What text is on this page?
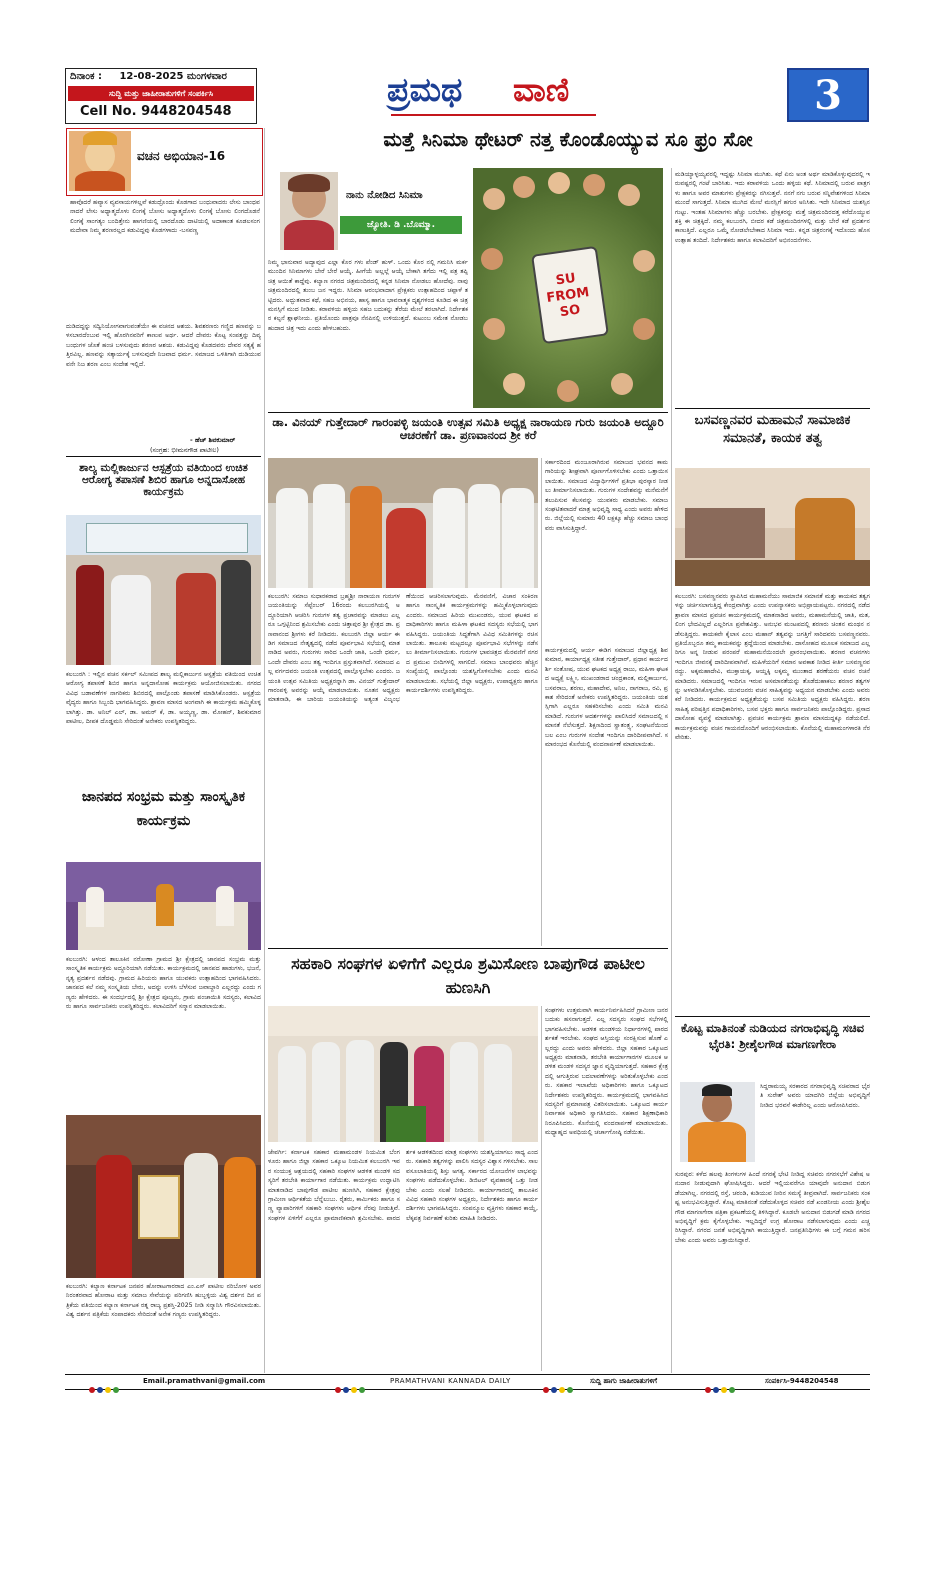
ದಿನಾಂಕ : 12-08-2025 ಮಂಗಳವಾರ
ಸುದ್ದಿ ಮತ್ತು ಜಾಹೀರಾತುಗಳಿಗೆ ಸಂಪರ್ಕಿಸಿ
Cell No. 9448204548
ಪ್ರಮಥ ವಾಣಿ	3
ಮತ್ತೆ ಸಿನಿಮಾ ಥೇಟರ್ ನತ್ತ ಕೊಂಡೊಯ್ಯುವ ಸೂ ಫ್ರಂ ಸೋ
ವಚನ ಅಭಿಯಾನ-16
ಹಾವೊದರೆ ಹವ್ಯಾಸ ವ್ಯವಸಾಯಗಳಿಲ್ಲವೆ ಕಡುದ್ರೊಂದು ಕೊಡಗಾದ ಬಂಧುವಾದರು ಲೇಸು ಬಾಂಧವನಾದರೆ ಲೇಸು ಅಧ್ಯಾತ್ಮದೊಳು ಲಿಂಗಕ್ಕೆ ಬೋಸು ಅಧ್ಯಾತ್ಮದೊಳು ಲಿಂಗಕ್ಕೆ ಬೋಸು ಲಿಂಗದೊಡನೆ ಲಿಂಗಕ್ಕೆ ಸಾಂಗತ್ಯಂ ಬಂದಿತ್ತೇನು ಹಾಗಣಿಯಲ್ಲಿ ಬಾರದೊಡು ದಾಟಿಯಲ್ಲಿ ಅದಾಕಾಂತ ಕೂಡಲಸಂಗಮದೇವಾ ನಿಮ್ಮ ಶರಣರಲ್ಲದ ಕಡುವಿದ್ದವು ಕೊಡಗಳಾದು -ಬಸವಣ್ಣ
ದುಡಿದದ್ದನ್ನು ಸದ್ವಿನಿಯೋಗವಾಗುವಂತೆಯೇ ಈ ವಚನದ ಆಶಯ. ಶಿವಶರಣರು ಗಣ್ಣಿದ ಹಣವನ್ನು ಬಳಸಬಾರದೆಂಬುವ ಇಲ್ಲಿ ಹೊರಗಿನವರಿಗೆ ಕಾಣುವ ಅರ್ಥ. ಆದರೆ ದೇವರು ಕೊಟ್ಟ ಸಂಪತ್ತನ್ನು ದಿವ್ಯಬಂಧುಗಳ ಜೊತೆ ಹಂಚಿ ಬಳಸುವುದು ಶರಣರ ಆಶಯ. ಕಡುವಿದ್ದವು ಕೊಡದವರು ದೇವರ ಸತ್ಯಕ್ಕೆ ಹತ್ತಿರವಿಲ್ಲ. ಹಣವನ್ನು ಸತ್ಕಾರ್ಯಕ್ಕೆ ಬಳಸುವುದೇ ನಿಜವಾದ ಧರ್ಮ. ಸಮಾಜದ ಒಳಿತಿಗಾಗಿ ದುಡಿಯುವವನೇ ನಿಜ ಶರಣ ಎಂಬ ಸಂದೇಶ ಇಲ್ಲಿದೆ.
- ಹೆಚ್ ಶಿವಕುಮಾರ್
(ಸಂಗ್ರಹ: ಭೀಮನಗೌಡ ಪಾಟೀಲ)
ಶಾಲ್ಯ ಮಲ್ಲಿಕಾರ್ಜುನ ಆಸ್ಪತ್ರೆಯ ವತಿಯಿಂದ ಉಚಿತ ಆರೋಗ್ಯ ತಪಾಸಣೆ ಶಿಬಿರ ಹಾಗೂ ಅನ್ನದಾಸೋಹ ಕಾರ್ಯಕ್ರಮ
ಕಲಬುರಗಿ : ಇಲ್ಲಿನ ವಚನ ಸರ್ಕಲ್ ಸಮೀಪದ ಶಾಲ್ಯ ಮಲ್ಲಿಕಾರ್ಜುನ ಆಸ್ಪತ್ರೆಯ ವತಿಯಿಂದ ಉಚಿತ ಆರೋಗ್ಯ ತಪಾಸಣೆ ಶಿಬಿರ ಹಾಗೂ ಅನ್ನದಾಸೋಹ ಕಾರ್ಯಕ್ರಮ ಆಯೋಜಿಸಲಾಯಿತು. ನಗರದ ವಿವಿಧ ಬಡಾವಣೆಗಳ ನಾಗರಿಕರು ಶಿಬಿರದಲ್ಲಿ ಪಾಲ್ಗೊಂಡು ತಪಾಸಣೆ ಮಾಡಿಸಿಕೊಂಡರು. ಆಸ್ಪತ್ರೆಯ ವೈದ್ಯರು ಹಾಗೂ ಸಿಬ್ಬಂದಿ ಭಾಗವಹಿಸಿದ್ದರು. ಶ್ರಾವಣ ಮಾಸದ ಅಂಗವಾಗಿ ಈ ಕಾರ್ಯಕ್ರಮ ಹಮ್ಮಿಕೊಳ್ಳಲಾಗಿತ್ತು. ಡಾ. ಅನಿಲ್ ಎಲ್, ಡಾ. ಅಮರ್ ಕೆ, ಡಾ. ಅಯ್ಯಣ್ಣ, ಡಾ. ಮೋಹನ್, ಶಿವಕುಮಾರ ಪಾಟೀಲ, ದೀಪಕ ದೊಡ್ಡಮನಿ ಸೇರಿದಂತೆ ಅನೇಕರು ಉಪಸ್ಥಿತರಿದ್ದರು.
ಜಾನಪದ ಸಂಭ್ರಮ ಮತ್ತು ಸಾಂಸ್ಕೃತಿಕ ಕಾರ್ಯಕ್ರಮ
ಕಲಬುರಗಿ: ಆಳಂದ ತಾಲೂಕಿನ ನರೋಣಾ ಗ್ರಾಮದ ಶ್ರೀ ಕ್ಷೇತ್ರದಲ್ಲಿ ಜಾನಪದ ಸಂಭ್ರಮ ಮತ್ತು ಸಾಂಸ್ಕೃತಿಕ ಕಾರ್ಯಕ್ರಮ ಅದ್ದೂರಿಯಾಗಿ ನಡೆಯಿತು. ಕಾರ್ಯಕ್ರಮದಲ್ಲಿ ಜಾನಪದ ಹಾಡುಗಳು, ಭಜನೆ, ನೃತ್ಯ ಪ್ರದರ್ಶನ ನಡೆದವು. ಗ್ರಾಮದ ಹಿರಿಯರು ಹಾಗೂ ಯುವಕರು ಉತ್ಸಾಹದಿಂದ ಭಾಗವಹಿಸಿದರು. ಜಾನಪದ ಕಲೆ ನಮ್ಮ ಸಂಸ್ಕೃತಿಯ ಬೇರು, ಅದನ್ನು ಉಳಿಸಿ ಬೆಳೆಸುವ ಜವಾಬ್ದಾರಿ ಎಲ್ಲರದ್ದು ಎಂದು ಗಣ್ಯರು ಹೇಳಿದರು. ಈ ಸಂದರ್ಭದಲ್ಲಿ ಶ್ರೀ ಕ್ಷೇತ್ರದ ಪೂಜ್ಯರು, ಗ್ರಾಮ ಪಂಚಾಯಿತಿ ಸದಸ್ಯರು, ಕಲಾವಿದರು ಹಾಗೂ ಸಾರ್ವಜನಿಕರು ಉಪಸ್ಥಿತರಿದ್ದರು. ಕಲಾವಿದರಿಗೆ ಸನ್ಮಾನ ಮಾಡಲಾಯಿತು.
ಕಲಬುರಗಿ: ಕಲ್ಯಾಣ ಕರ್ನಾಟಕ ಜನಪರ ಹೋರಾಟಗಾರರಾದ ಎಂ.ಎಸ್ ಪಾಟೀಲ ನರಿಬೋಳ ಅವರ ನಿರಂತರವಾದ ಹೋರಾಟ ಮತ್ತು ಸಮಾಜ ಸೇವೆಯನ್ನು ಪರಿಗಣಿಸಿ ಹುಬ್ಬಳ್ಳಿಯ ವಿಶ್ವ ದರ್ಶನ ದಿನ ಪತ್ರಿಕೆಯ ವತಿಯಿಂದ ಕಲ್ಯಾಣ ಕರ್ನಾಟಕ ರತ್ನ ರಾಜ್ಯ ಪ್ರಶಸ್ತಿ-2025 ನೀಡಿ ಸನ್ಮಾನಿಸಿ ಗೌರವಿಸಲಾಯಿತು. ವಿಶ್ವ ದರ್ಶನ ಪತ್ರಿಕೆಯ ಸಂಪಾದಕರು ಸೇರಿದಂತೆ ಅನೇಕ ಗಣ್ಯರು ಉಪಸ್ಥಿತರಿದ್ದರು.
ನಾನು ನೋಡಿದ ಸಿನಿಮಾ
ಜ್ಯೋತಿ. ಡಿ .ಬೊಮ್ಮಾ.
ನಿಮ್ಮ ಭಾನುವಾರ ಅದ್ಯಾವುದ ಎಲ್ಲಾ ಕೊರ ಗಳು ಪೆಂಡ್ ಹುಳ್. ಒಂದು ಕೊರ ನಲ್ಲಿ ಗಮನಿಸಿ ಮರ್ಕ ಮುಂದಿನ ಸಿನಿಮಾಗಳು ಬೇರೆ ಬೇರೆ ಆಯ್ಕೆ. ಹೀಗೆಯೆ ಅಲ್ಲಲ್ಲೆ ಆಯ್ಕೆ ಬೇಕಾಗಿ ತಗೆದು ಇಲ್ಲಿ ಪತ್ರ ತಪ್ಪಿ ಚಿತ್ರ ಆಯಿತೆ ಕಾದ್ದೆವು. ಕಲ್ಯಾಣ ನಗರದ ಚಿತ್ರಮಂದಿರದಲ್ಲಿ ಕನ್ನಡ ಸಿನಿಮಾ ನೋಡಲು ಹೋದೆವು. ನಾವು ಚಿತ್ರಮಂದಿರದಲ್ಲಿ ತುಂಬ ಜನ ಇದ್ದರು. ಸಿನಿಮಾ ಆರಂಭವಾದಾಗ ಪ್ರೇಕ್ಷಕರು ಉತ್ಸಾಹದಿಂದ ಚಪ್ಪಾಳೆ ತಟ್ಟಿದರು. ಅದ್ಭುತವಾದ ಕಥೆ, ಸಹಜ ಅಭಿನಯ, ಹಾಸ್ಯ ಹಾಗೂ ಭಾವನಾತ್ಮಕ ದೃಶ್ಯಗಳಿಂದ ಕೂಡಿದ ಈ ಚಿತ್ರ ಮನಸ್ಸಿಗೆ ಮುದ ನೀಡಿತು. ಕರಾವಳಿಯ ಹಳ್ಳಿಯ ಸಹಜ ಬದುಕನ್ನು ತೆರೆಯ ಮೇಲೆ ತರಲಾಗಿದೆ. ನಿರ್ದೇಶಕರ ಕಲ್ಪನೆ ಶ್ಲಾಘನೀಯ. ಪ್ರತಿಯೊಂದು ಪಾತ್ರವೂ ನೆನಪಿನಲ್ಲಿ ಉಳಿಯುತ್ತದೆ. ಕುಟುಂಬ ಸಮೇತ ನೋಡಬಹುದಾದ ಚಿತ್ರ ಇದು ಎಂದು ಹೇಳಬಹುದು.
SU FROM SO
ಮಡಿಯ್ಯಾಳ್ಳಯ್ಯವರಲ್ಲಿ ಇದ್ದಷ್ಟು ಸಿನಿಮಾ ಮುಗಿತು. ಕಥೆ ಏನು ಅಂತ ಅರ್ಥ ಮಾಡಿಕೊಳ್ಳುವುದರಲ್ಲಿ ಇರುವಷ್ಟರಲ್ಲಿ ಗಂಟೆ ಬಾರಿಸಿತು. ಇದು ಕರಾವಳಿಯ ಒಂದು ಹಳ್ಳಿಯ ಕಥೆ. ಸಿನಿಮಾದಲ್ಲಿ ಬರುವ ಪಾತ್ರಗಳು ಹಾಗೂ ಅವರ ಮಾತುಗಳು ಪ್ರೇಕ್ಷಕರನ್ನು ನಗಿಸುತ್ತವೆ. ನನಗೆ ನಗು ಬರುವ ಸನ್ನಿವೇಶಗಳಿಂದ ಸಿನಿಮಾ ಮುಂದೆ ಸಾಗುತ್ತದೆ. ಸಿನಿಮಾ ಮುಗಿದ ಮೇಲೆ ಮನಸ್ಸಿಗೆ ಹಗುರ ಅನಿಸಿತು. ಇದೇ ಸಿನಿಮಾದ ಯಶಸ್ಸಿನ ಗುಟ್ಟು. ಇಂತಹ ಸಿನಿಮಾಗಳು ಹೆಚ್ಚು ಬರಬೇಕು. ಪ್ರೇಕ್ಷಕರನ್ನು ಮತ್ತೆ ಚಿತ್ರಮಂದಿರದತ್ತ ಕರೆದೊಯ್ಯುವ ಶಕ್ತಿ ಈ ಚಿತ್ರಕ್ಕಿದೆ. ನಮ್ಮ ಕಲಬುರಗಿ, ಬೀದರ ಕಡೆ ಚಿತ್ರಮಂದಿರಗಳಲ್ಲಿ ಮತ್ತು ಬೇರೆ ಕಡೆ ಪ್ರದರ್ಶನ ಕಾಣುತ್ತಿದೆ. ಎಲ್ಲರೂ ಒಮ್ಮೆ ನೋಡಲೇಬೇಕಾದ ಸಿನಿಮಾ ಇದು. ಕನ್ನಡ ಚಿತ್ರರಂಗಕ್ಕೆ ಇದೊಂದು ಹೊಸ ಉತ್ಸಾಹ ತಂದಿದೆ. ನಿರ್ದೇಶಕರು ಹಾಗೂ ಕಲಾವಿದರಿಗೆ ಅಭಿನಂದನೆಗಳು.
ಡಾ. ವಿನಯ್ ಗುತ್ತೇದಾರ್ ಗಾರಂಪಳ್ಳಿ ಜಯಂತಿ ಉತ್ಸವ ಸಮಿತಿ ಅಧ್ಯಕ್ಷ ನಾರಾಯಣ ಗುರು ಜಯಂತಿ ಅದ್ದೂರಿ ಆಚರಣೆಗೆ ಡಾ. ಪ್ರಣವಾನಂದ ಶ್ರೀ ಕರೆ
ಕಲಬುರಗಿ: ಸಮಾಜ ಸುಧಾರಕರಾದ ಬ್ರಹ್ಮಶ್ರೀ ನಾರಾಯಣ ಗುರುಗಳ ಜಯಂತಿಯನ್ನು ಸೆಪ್ಟೆಂಬರ್ 16ರಂದು ಕಲಬುರಗಿಯಲ್ಲಿ ಅದ್ದೂರಿಯಾಗಿ ಆಚರಿಸಿ ಗುರುಗಳ ತತ್ವ ಪ್ರಚಾರವನ್ನು ಮಾಡಲು ಎಲ್ಲರೂ ಒಗ್ಗಟ್ಟಿನಿಂದ ಶ್ರಮಿಸಬೇಕು ಎಂದು ಚಿತ್ತಾಪುರ ಶ್ರೀ ಕ್ಷೇತ್ರದ ಡಾ. ಪ್ರಣವಾನಂದ ಶ್ರೀಗಳು ಕರೆ ನೀಡಿದರು. ಕಲಬುರಗಿ ಜಿಲ್ಲಾ ಆರ್ಯ ಈಡಿಗ ಸಮಾಜದ ನೇತೃತ್ವದಲ್ಲಿ ನಡೆದ ಪೂರ್ವಭಾವಿ ಸಭೆಯಲ್ಲಿ ಮಾತನಾಡಿದ ಅವರು, ಗುರುಗಳು ಸಾರಿದ ಒಂದೇ ಜಾತಿ, ಒಂದೇ ಧರ್ಮ, ಒಂದೇ ದೇವರು ಎಂಬ ತತ್ವ ಇಂದಿಗೂ ಪ್ರಸ್ತುತವಾಗಿದೆ. ಸಮಾಜದ ಎಲ್ಲ ವರ್ಗದವರು ಜಯಂತಿ ಉತ್ಸವದಲ್ಲಿ ಪಾಲ್ಗೊಳ್ಳಬೇಕು ಎಂದರು. ಜಯಂತಿ ಉತ್ಸವ ಸಮಿತಿಯ ಅಧ್ಯಕ್ಷರನ್ನಾಗಿ ಡಾ. ವಿನಯ್ ಗುತ್ತೇದಾರ್ ಗಾರಂಪಳ್ಳಿ ಅವರನ್ನು ಆಯ್ಕೆ ಮಾಡಲಾಯಿತು. ನೂತನ ಅಧ್ಯಕ್ಷರು ಮಾತನಾಡಿ, ಈ ಬಾರಿಯ ಜಯಂತಿಯನ್ನು ಅತ್ಯಂತ ವಿಜೃಂಭಣೆಯಿಂದ ಆಚರಿಸಲಾಗುವುದು. ಮೆರವಣಿಗೆ, ವಿಚಾರ ಸಂಕಿರಣ ಹಾಗೂ ಸಾಂಸ್ಕೃತಿಕ ಕಾರ್ಯಕ್ರಮಗಳನ್ನು ಹಮ್ಮಿಕೊಳ್ಳಲಾಗುವುದು ಎಂದರು. ಸಮಾಜದ ಹಿರಿಯ ಮುಖಂಡರು, ಯುವ ಘಟಕದ ಪದಾಧಿಕಾರಿಗಳು ಹಾಗೂ ಮಹಿಳಾ ಘಟಕದ ಸದಸ್ಯರು ಸಭೆಯಲ್ಲಿ ಭಾಗವಹಿಸಿದ್ದರು. ಜಯಂತಿಯ ಸಿದ್ಧತೆಗಾಗಿ ವಿವಿಧ ಸಮಿತಿಗಳನ್ನು ರಚಿಸಲಾಯಿತು. ತಾಲೂಕು ಮಟ್ಟದಲ್ಲೂ ಪೂರ್ವಭಾವಿ ಸಭೆಗಳನ್ನು ನಡೆಸಲು ತೀರ್ಮಾನಿಸಲಾಯಿತು. ಗುರುಗಳ ಭಾವಚಿತ್ರದ ಮೆರವಣಿಗೆ ನಗರದ ಪ್ರಮುಖ ಬೀದಿಗಳಲ್ಲಿ ಸಾಗಲಿದೆ. ಸಮಾಜ ಬಾಂಧವರು ಹೆಚ್ಚಿನ ಸಂಖ್ಯೆಯಲ್ಲಿ ಪಾಲ್ಗೊಂಡು ಯಶಸ್ವಿಗೊಳಿಸಬೇಕು ಎಂದು ಮನವಿ ಮಾಡಲಾಯಿತು. ಸಭೆಯಲ್ಲಿ ಜಿಲ್ಲಾ ಅಧ್ಯಕ್ಷರು, ಉಪಾಧ್ಯಕ್ಷರು ಹಾಗೂ ಕಾರ್ಯದರ್ಶಿಗಳು ಉಪಸ್ಥಿತರಿದ್ದರು.
ಸರ್ಕಾರದಿಂದ ಮಂಜೂರಾಗಿರುವ ಸಮಾಜದ ಭವನದ ಕಾಮಗಾರಿಯನ್ನು ಶೀಘ್ರವಾಗಿ ಪೂರ್ಣಗೊಳಿಸಬೇಕು ಎಂದು ಒತ್ತಾಯಿಸಲಾಯಿತು. ಸಮಾಜದ ವಿದ್ಯಾರ್ಥಿಗಳಿಗೆ ಪ್ರತಿಭಾ ಪುರಸ್ಕಾರ ನೀಡಲು ತೀರ್ಮಾನಿಸಲಾಯಿತು. ಗುರುಗಳ ಸಂದೇಶವನ್ನು ಮನೆಮನೆಗೆ ತಲುಪಿಸುವ ಕೆಲಸವನ್ನು ಯುವಕರು ಮಾಡಬೇಕು. ಸಮಾಜ ಸಂಘಟಿತವಾದರೆ ಮಾತ್ರ ಅಭಿವೃದ್ಧಿ ಸಾಧ್ಯ ಎಂದು ಅವರು ಹೇಳಿದರು. ಜಿಲ್ಲೆಯಲ್ಲಿ ಸುಮಾರು 40 ಲಕ್ಷಕ್ಕೂ ಹೆಚ್ಚು ಸಮಾಜ ಬಾಂಧವರು ವಾಸಿಸುತ್ತಿದ್ದಾರೆ.
ಕಾರ್ಯಕ್ರಮದಲ್ಲಿ ಆರ್ಯ ಈಡಿಗ ಸಮಾಜದ ಜಿಲ್ಲಾಧ್ಯಕ್ಷ ಶಿವಕುಮಾರ, ಕಾರ್ಯಾಧ್ಯಕ್ಷ ಸತೀಶ ಗುತ್ತೇದಾರ್, ಪ್ರಧಾನ ಕಾರ್ಯದರ್ಶಿ ಸಂತೋಷ, ಯುವ ಘಟಕದ ಅಧ್ಯಕ್ಷ ರಾಜು, ಮಹಿಳಾ ಘಟಕದ ಅಧ್ಯಕ್ಷೆ ಲಕ್ಷ್ಮೀ, ಮುಖಂಡರಾದ ಚಂದ್ರಕಾಂತ, ಮಲ್ಲಿಕಾರ್ಜುನ, ಬಸವರಾಜ, ಶರಣು, ಮಹಾದೇವ, ಅನಿಲ, ನಾಗರಾಜ, ರವಿ, ಪ್ರಕಾಶ ಸೇರಿದಂತೆ ಅನೇಕರು ಉಪಸ್ಥಿತರಿದ್ದರು. ಜಯಂತಿಯ ಯಶಸ್ಸಿಗಾಗಿ ಎಲ್ಲರೂ ಸಹಕರಿಸಬೇಕು ಎಂದು ಸಮಿತಿ ಮನವಿ ಮಾಡಿದೆ. ಗುರುಗಳ ಆದರ್ಶಗಳನ್ನು ಪಾಲಿಸಿದರೆ ಸಮಾಜದಲ್ಲಿ ಸಮಾನತೆ ನೆಲೆಸುತ್ತದೆ. ಶಿಕ್ಷಣದಿಂದ ಸ್ವಾತಂತ್ರ್ಯ, ಸಂಘಟನೆಯಿಂದ ಬಲ ಎಂಬ ಗುರುಗಳ ಸಂದೇಶ ಇಂದಿಗೂ ದಾರಿದೀಪವಾಗಿದೆ. ಸಮಾರಂಭದ ಕೊನೆಯಲ್ಲಿ ವಂದನಾರ್ಪಣೆ ಮಾಡಲಾಯಿತು.
ಬಸವಣ್ಣನವರ ಮಹಾಮನೆ ಸಾಮಾಜಿಕ ಸಮಾನತೆ, ಕಾಯಕ ತತ್ವ
ಕಲಬುರಗಿ: ಬಸವಣ್ಣನವರು ಸ್ಥಾಪಿಸಿದ ಮಹಾಮನೆಯು ಸಾಮಾಜಿಕ ಸಮಾನತೆ ಮತ್ತು ಕಾಯಕದ ತತ್ವಗಳನ್ನು ಚರ್ಚಿಸಲಾಗುತ್ತಿದ್ದ ಕೇಂದ್ರವಾಗಿತ್ತು ಎಂದು ಉಪನ್ಯಾಸಕರು ಅಭಿಪ್ರಾಯಪಟ್ಟರು. ನಗರದಲ್ಲಿ ನಡೆದ ಶ್ರಾವಣ ಮಾಸದ ಪ್ರವಚನ ಕಾರ್ಯಕ್ರಮದಲ್ಲಿ ಮಾತನಾಡಿದ ಅವರು, ಮಹಾಮನೆಯಲ್ಲಿ ಜಾತಿ, ಮತ, ಲಿಂಗ ಭೇದವಿಲ್ಲದೆ ಎಲ್ಲರಿಗೂ ಪ್ರವೇಶವಿತ್ತು. ಅನುಭವ ಮಂಟಪದಲ್ಲಿ ಶರಣರು ಚಿಂತನ ಮಂಥನ ನಡೆಸುತ್ತಿದ್ದರು. ಕಾಯಕವೇ ಕೈಲಾಸ ಎಂಬ ಮಹಾನ್ ತತ್ವವನ್ನು ಜಗತ್ತಿಗೆ ಸಾರಿದವರು ಬಸವಣ್ಣನವರು. ಪ್ರತಿಯೊಬ್ಬರೂ ತಮ್ಮ ಕಾಯಕವನ್ನು ಶ್ರದ್ಧೆಯಿಂದ ಮಾಡಬೇಕು. ದಾಸೋಹದ ಮೂಲಕ ಸಮಾಜದ ಎಲ್ಲರಿಗೂ ಅನ್ನ ನೀಡುವ ಪರಂಪರೆ ಮಹಾಮನೆಯಿಂದಲೇ ಪ್ರಾರಂಭವಾಯಿತು. ಶರಣರ ವಚನಗಳು ಇಂದಿಗೂ ಜೀವನಕ್ಕೆ ದಾರಿದೀಪವಾಗಿವೆ. ಮಹಿಳೆಯರಿಗೆ ಸಮಾನ ಅವಕಾಶ ನೀಡಿದ ಕೀರ್ತಿ ಬಸವಣ್ಣನವರದ್ದು. ಅಕ್ಕಮಹಾದೇವಿ, ಮುಕ್ತಾಯಕ್ಕ, ಆಯ್ದಕ್ಕಿ ಲಕ್ಕಮ್ಮ ಮುಂತಾದ ಶರಣೆಯರು ವಚನ ರಚನೆ ಮಾಡಿದರು. ಸಮಾಜದಲ್ಲಿ ಇಂದಿಗೂ ಇರುವ ಅಸಮಾನತೆಯನ್ನು ತೊಡೆದುಹಾಕಲು ಶರಣರ ತತ್ವಗಳನ್ನು ಅಳವಡಿಸಿಕೊಳ್ಳಬೇಕು. ಯುವಜನರು ವಚನ ಸಾಹಿತ್ಯವನ್ನು ಅಧ್ಯಯನ ಮಾಡಬೇಕು ಎಂದು ಅವರು ಕರೆ ನೀಡಿದರು. ಕಾರ್ಯಕ್ರಮದ ಅಧ್ಯಕ್ಷತೆಯನ್ನು ಬಸವ ಸಮಿತಿಯ ಅಧ್ಯಕ್ಷರು ವಹಿಸಿದ್ದರು. ಶರಣ ಸಾಹಿತ್ಯ ಪರಿಷತ್ತಿನ ಪದಾಧಿಕಾರಿಗಳು, ಬಸವ ಭಕ್ತರು ಹಾಗೂ ಸಾರ್ವಜನಿಕರು ಪಾಲ್ಗೊಂಡಿದ್ದರು. ಪ್ರಸಾದ ದಾಸೋಹ ವ್ಯವಸ್ಥೆ ಮಾಡಲಾಗಿತ್ತು. ಪ್ರವಚನ ಕಾರ್ಯಕ್ರಮ ಶ್ರಾವಣ ಮಾಸದುದ್ದಕ್ಕೂ ನಡೆಯಲಿದೆ. ಕಾರ್ಯಕ್ರಮವನ್ನು ವಚನ ಗಾಯನದೊಂದಿಗೆ ಆರಂಭಿಸಲಾಯಿತು. ಕೊನೆಯಲ್ಲಿ ಮಹಾಮಂಗಳಾರತಿ ನೆರವೇರಿತು.
ಸಹಕಾರಿ ಸಂಘಗಳ ಏಳಿಗೆಗೆ ಎಲ್ಲರೂ ಶ್ರಮಿಸೋಣ ಬಾಪುಗೌಡ ಪಾಟೀಲ ಹುಣಸಿಗಿ
ಜೇವರ್ಗಿ: ಕರ್ನಾಟಕ ಸಹಕಾರ ಮಹಾಮಂಡಳ ನಿಯಮಿತ ಬೆಂಗಳೂರು ಹಾಗೂ ಜಿಲ್ಲಾ ಸಹಕಾರ ಒಕ್ಕೂಟ ನಿಯಮಿತ ಕಲಬುರಗಿ ಇವರ ಸಂಯುಕ್ತ ಆಶ್ರಯದಲ್ಲಿ ಸಹಕಾರಿ ಸಂಘಗಳ ಆಡಳಿತ ಮಂಡಳಿ ಸದಸ್ಯರಿಗೆ ತರಬೇತಿ ಕಾರ್ಯಾಗಾರ ನಡೆಯಿತು. ಕಾರ್ಯಕ್ರಮ ಉದ್ಘಾಟಿಸಿ ಮಾತನಾಡಿದ ಬಾಪುಗೌಡ ಪಾಟೀಲ ಹುಣಸಿಗಿ, ಸಹಕಾರ ಕ್ಷೇತ್ರವು ಗ್ರಾಮೀಣ ಆರ್ಥಿಕತೆಯ ಬೆನ್ನೆಲುಬು. ರೈತರು, ಕಾರ್ಮಿಕರು ಹಾಗೂ ಸಣ್ಣ ವ್ಯಾಪಾರಿಗಳಿಗೆ ಸಹಕಾರಿ ಸಂಘಗಳು ಆರ್ಥಿಕ ನೆರವು ನೀಡುತ್ತಿವೆ. ಸಂಘಗಳ ಏಳಿಗೆಗೆ ಎಲ್ಲರೂ ಪ್ರಾಮಾಣಿಕವಾಗಿ ಶ್ರಮಿಸಬೇಕು. ಪಾರದರ್ಶಕ ಆಡಳಿತದಿಂದ ಮಾತ್ರ ಸಂಘಗಳು ಯಶಸ್ವಿಯಾಗಲು ಸಾಧ್ಯ ಎಂದರು. ಸಹಕಾರಿ ತತ್ವಗಳನ್ನು ಪಾಲಿಸಿ ಸದಸ್ಯರ ವಿಶ್ವಾಸ ಗಳಿಸಬೇಕು. ಸಾಲ ವಸೂಲಾತಿಯಲ್ಲಿ ಶಿಸ್ತು ಅಗತ್ಯ. ಸರ್ಕಾರದ ಯೋಜನೆಗಳ ಲಾಭವನ್ನು ಸಂಘಗಳು ಪಡೆದುಕೊಳ್ಳಬೇಕು. ಡಿಜಿಟಲ್ ವ್ಯವಹಾರಕ್ಕೆ ಒತ್ತು ನೀಡಬೇಕು ಎಂದು ಸಲಹೆ ನೀಡಿದರು. ಕಾರ್ಯಾಗಾರದಲ್ಲಿ ತಾಲೂಕಿನ ವಿವಿಧ ಸಹಕಾರಿ ಸಂಘಗಳ ಅಧ್ಯಕ್ಷರು, ನಿರ್ದೇಶಕರು ಹಾಗೂ ಕಾರ್ಯದರ್ಶಿಗಳು ಭಾಗವಹಿಸಿದ್ದರು. ಸಂಪನ್ಮೂಲ ವ್ಯಕ್ತಿಗಳು ಸಹಕಾರ ಕಾಯ್ದೆ, ಲೆಕ್ಕಪತ್ರ ನಿರ್ವಹಣೆ ಕುರಿತು ಮಾಹಿತಿ ನೀಡಿದರು.
ಸಂಘಗಳು ಉತ್ತಮವಾಗಿ ಕಾರ್ಯನಿರ್ವಹಿಸಿದರೆ ಗ್ರಾಮೀಣ ಜನರ ಬದುಕು ಹಸನಾಗುತ್ತದೆ. ಎಲ್ಲ ಸದಸ್ಯರು ಸಂಘದ ಸಭೆಗಳಲ್ಲಿ ಭಾಗವಹಿಸಬೇಕು. ಆಡಳಿತ ಮಂಡಳಿಯ ನಿರ್ಧಾರಗಳಲ್ಲಿ ಪಾರದರ್ಶಕತೆ ಇರಬೇಕು. ಸಂಘದ ಆಸ್ತಿಯನ್ನು ಸಂರಕ್ಷಿಸುವ ಹೊಣೆ ಎಲ್ಲರದ್ದು ಎಂದು ಅವರು ಹೇಳಿದರು. ಜಿಲ್ಲಾ ಸಹಕಾರ ಒಕ್ಕೂಟದ ಅಧ್ಯಕ್ಷರು ಮಾತನಾಡಿ, ತರಬೇತಿ ಕಾರ್ಯಾಗಾರಗಳ ಮೂಲಕ ಆಡಳಿತ ಮಂಡಳಿ ಸದಸ್ಯರ ಜ್ಞಾನ ವೃದ್ಧಿಯಾಗುತ್ತದೆ. ಸಹಕಾರ ಕ್ಷೇತ್ರದಲ್ಲಿ ಆಗುತ್ತಿರುವ ಬದಲಾವಣೆಗಳನ್ನು ಅರಿತುಕೊಳ್ಳಬೇಕು ಎಂದರು. ಸಹಕಾರ ಇಲಾಖೆಯ ಅಧಿಕಾರಿಗಳು ಹಾಗೂ ಒಕ್ಕೂಟದ ನಿರ್ದೇಶಕರು ಉಪಸ್ಥಿತರಿದ್ದರು. ಕಾರ್ಯಕ್ರಮದಲ್ಲಿ ಭಾಗವಹಿಸಿದ ಸದಸ್ಯರಿಗೆ ಪ್ರಮಾಣಪತ್ರ ವಿತರಿಸಲಾಯಿತು. ಒಕ್ಕೂಟದ ಕಾರ್ಯನಿರ್ವಾಹಕ ಅಧಿಕಾರಿ ಸ್ವಾಗತಿಸಿದರು. ಸಹಕಾರ ಶಿಕ್ಷಣಾಧಿಕಾರಿ ನಿರೂಪಿಸಿದರು. ಕೊನೆಯಲ್ಲಿ ವಂದನಾರ್ಪಣೆ ಮಾಡಲಾಯಿತು. ಮಧ್ಯಾಹ್ನದ ಅವಧಿಯಲ್ಲಿ ಚರ್ಚಾಗೋಷ್ಠಿ ನಡೆಯಿತು.
ಕೊಟ್ಟ ಮಾತಿನಂತೆ ನುಡಿಯದ ನಗರಾಭಿವೃದ್ಧಿ ಸಚಿವ ಭೈರತಿ: ಶ್ರೀಶೈಲಗೌಡ ಮಾಗಣಗೇರಾ
ಸಿದ್ದರಾಮಯ್ಯ ಸರಕಾರದ ನಗರಾಭಿವೃದ್ಧಿ ಸಚಿವರಾದ ಭೈರತಿ ಸುರೇಶ್ ಅವರು ಯಾದಗಿರಿ ಜಿಲ್ಲೆಯ ಅಭಿವೃದ್ಧಿಗೆ ನೀಡಿದ ಭರವಸೆ ಈಡೇರಿಲ್ಲ ಎಂದು ಆರೋಪಿಸಿದರು.
ಸುರಪುರ: ಕಳೆದ ಹಲವು ತಿಂಗಳುಗಳ ಹಿಂದೆ ನಗರಕ್ಕೆ ಭೇಟಿ ನೀಡಿದ್ದ ಸಚಿವರು ನಗರಸಭೆಗೆ ವಿಶೇಷ ಅನುದಾನ ನೀಡುವುದಾಗಿ ಘೋಷಿಸಿದ್ದರು. ಆದರೆ ಇಲ್ಲಿಯವರೆಗೂ ಯಾವುದೇ ಅನುದಾನ ಬಿಡುಗಡೆಯಾಗಿಲ್ಲ. ನಗರದಲ್ಲಿ ರಸ್ತೆ, ಚರಂಡಿ, ಕುಡಿಯುವ ನೀರಿನ ಸಮಸ್ಯೆ ತೀವ್ರವಾಗಿದೆ. ಸಾರ್ವಜನಿಕರು ಸಂಕಷ್ಟ ಅನುಭವಿಸುತ್ತಿದ್ದಾರೆ. ಕೊಟ್ಟ ಮಾತಿನಂತೆ ನಡೆದುಕೊಳ್ಳದ ಸಚಿವರ ನಡೆ ಖಂಡನೀಯ ಎಂದು ಶ್ರೀಶೈಲಗೌಡ ಮಾಗಣಗೇರಾ ಪತ್ರಿಕಾ ಪ್ರಕಟಣೆಯಲ್ಲಿ ತಿಳಿಸಿದ್ದಾರೆ. ಕೂಡಲೇ ಅನುದಾನ ಬಿಡುಗಡೆ ಮಾಡಿ ನಗರದ ಅಭಿವೃದ್ಧಿಗೆ ಕ್ರಮ ಕೈಗೊಳ್ಳಬೇಕು. ಇಲ್ಲದಿದ್ದರೆ ಉಗ್ರ ಹೋರಾಟ ನಡೆಸಲಾಗುವುದು ಎಂದು ಎಚ್ಚರಿಸಿದ್ದಾರೆ. ನಗರದ ಜನತೆ ಅಭಿವೃದ್ಧಿಗಾಗಿ ಕಾಯುತ್ತಿದ್ದಾರೆ. ಜನಪ್ರತಿನಿಧಿಗಳು ಈ ಬಗ್ಗೆ ಗಮನ ಹರಿಸಬೇಕು ಎಂದು ಅವರು ಒತ್ತಾಯಿಸಿದ್ದಾರೆ.
Email.pramathvani@gmail.com	PRAMATHVANI KANNADA DAILY	ಸುದ್ದಿ ಹಾಗು ಜಾಹೀರಾತುಗಳಿಗೆ	ಸಂಪರ್ಕಿಸಿ-9448204548
